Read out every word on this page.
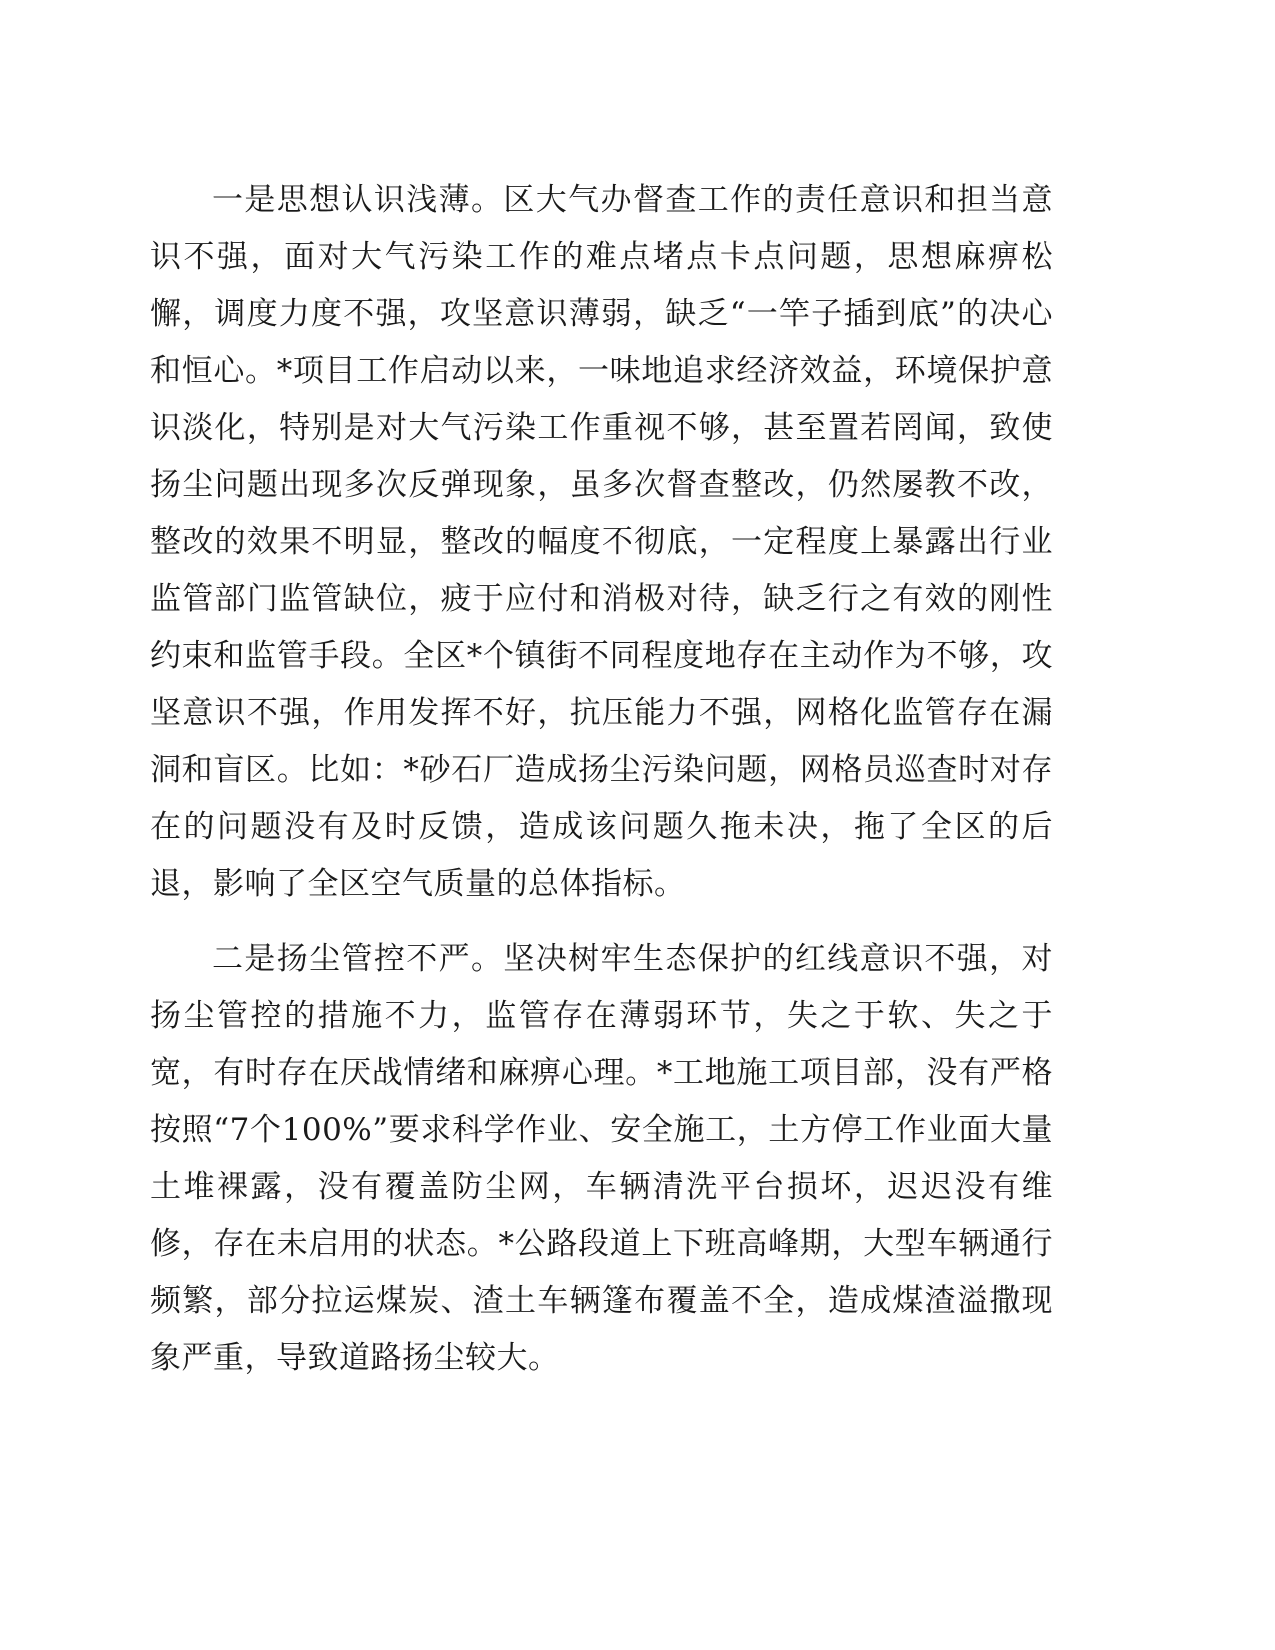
一是思想认识浅薄。区大气办督查工作的责任意识和担当意识不强，面对大气污染工作的难点堵点卡点问题，思想麻痹松懈，调度力度不强，攻坚意识薄弱，缺乏“一竿子插到底”的决心和恒心。*项目工作启动以来，一味地追求经济效益，环境保护意识淡化，特别是对大气污染工作重视不够，甚至置若罔闻，致使扬尘问题出现多次反弹现象，虽多次督查整改，仍然屡教不改，整改的效果不明显，整改的幅度不彻底，一定程度上暴露出行业监管部门监管缺位，疲于应付和消极对待，缺乏行之有效的刚性约束和监管手段。全区*个镇街不同程度地存在主动作为不够，攻坚意识不强，作用发挥不好，抗压能力不强，网格化监管存在漏洞和盲区。比如：*砂石厂造成扬尘污染问题，网格员巡查时对存在的问题没有及时反馈，造成该问题久拖未决，拖了全区的后退，影响了全区空气质量的总体指标。

二是扬尘管控不严。坚决树牢生态保护的红线意识不强，对扬尘管控的措施不力，监管存在薄弱环节，失之于软、失之于宽，有时存在厌战情绪和麻痹心理。*工地施工项目部，没有严格按照“7个100%”要求科学作业、安全施工，土方停工作业面大量土堆裸露，没有覆盖防尘网，车辆清洗平台损坏，迟迟没有维修，存在未启用的状态。*公路段道上下班高峰期，大型车辆通行频繁，部分拉运煤炭、渣土车辆篷布覆盖不全，造成煤渣溢撒现象严重，导致道路扬尘较大。
